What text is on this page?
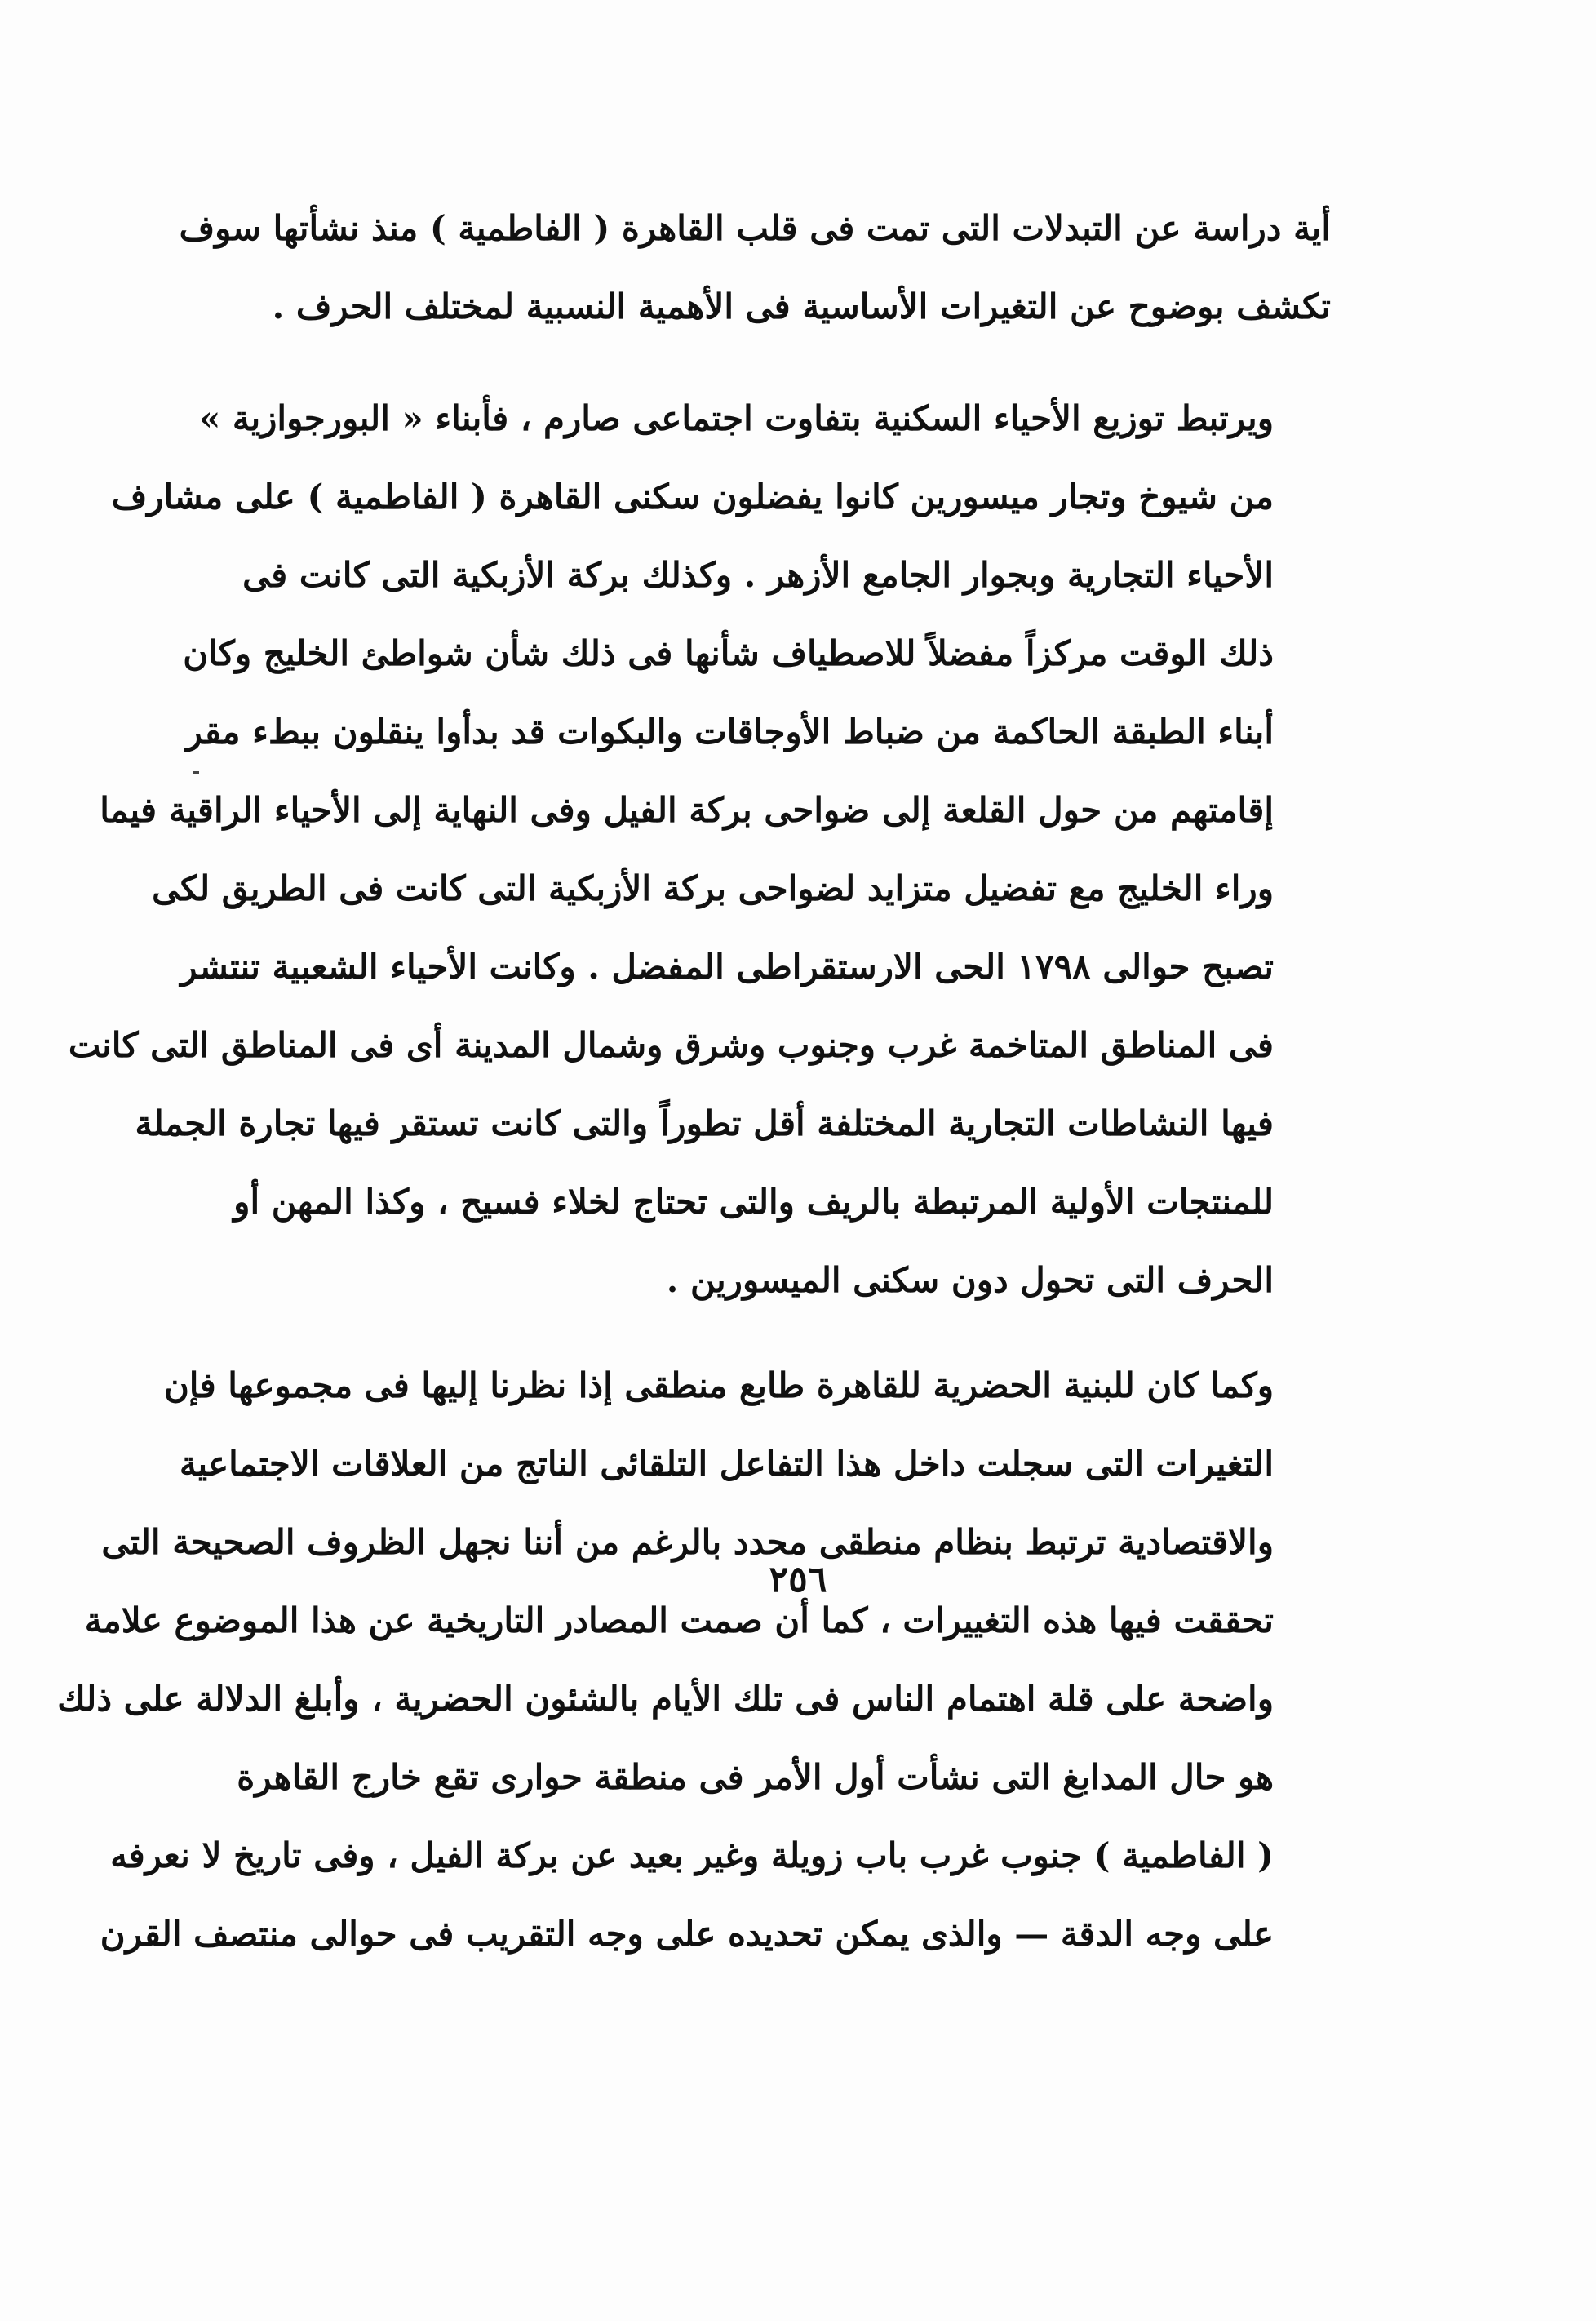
أية دراسة عن التبدلات التى تمت فى قلب القاهرة ( الفاطمية ) منذ نشأتها سوف
تكشف بوضوح عن التغيرات الأساسية فى الأهمية النسبية لمختلف الحرف .

ويرتبط توزيع الأحياء السكنية بتفاوت اجتماعى صارم ، فأبناء « البورجوازية »
من شيوخ وتجار ميسورين كانوا يفضلون سكنى القاهرة ( الفاطمية ) على مشارف
الأحياء التجارية وبجوار الجامع الأزهر . وكذلك بركة الأزبكية التى كانت فى
ذلك الوقت مركزاً مفضلاً للاصطياف شأنها فى ذلك شأن شواطئ الخليج وكان
أبناء الطبقة الحاكمة من ضباط الأوجاقات والبكوات قد بدأوا ينقلون ببطء مقر
إقامتهم من حول القلعة إلى ضواحى بركة الفيل وفى النهاية إلى الأحياء الراقية فيما
وراء الخليج مع تفضيل متزايد لضواحى بركة الأزبكية التى كانت فى الطريق لكى
تصبح حوالى ١٧٩٨ الحى الارستقراطى المفضل . وكانت الأحياء الشعبية تنتشر
فى المناطق المتاخمة غرب وجنوب وشرق وشمال المدينة أى فى المناطق التى كانت
فيها النشاطات التجارية المختلفة أقل تطوراً والتى كانت تستقر فيها تجارة الجملة
للمنتجات الأولية المرتبطة بالريف والتى تحتاج لخلاء فسيح ، وكذا المهن أو
الحرف التى تحول دون سكنى الميسورين .

وكما كان للبنية الحضرية للقاهرة طابع منطقى إذا نظرنا إليها فى مجموعها فإن
التغيرات التى سجلت داخل هذا التفاعل التلقائى الناتج من العلاقات الاجتماعية
والاقتصادية ترتبط بنظام منطقى محدد بالرغم من أننا نجهل الظروف الصحيحة التى
تحققت فيها هذه التغييرات ، كما أن صمت المصادر التاريخية عن هذا الموضوع علامة
واضحة على قلة اهتمام الناس فى تلك الأيام بالشئون الحضرية ، وأبلغ الدلالة على ذلك
هو حال المدابغ التى نشأت أول الأمر فى منطقة حوارى تقع خارج القاهرة
( الفاطمية ) جنوب غرب باب زويلة وغير بعيد عن بركة الفيل ، وفى تاريخ لا نعرفه
على وجه الدقة — والذى يمكن تحديده على وجه التقريب فى حوالى منتصف القرن

٢٥٦
